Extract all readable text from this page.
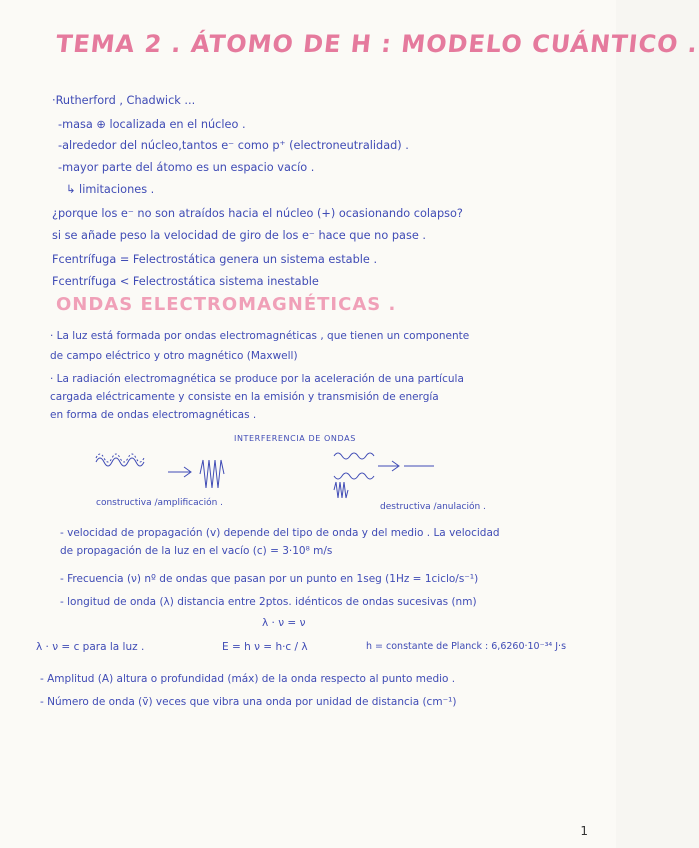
TEMA 2 . ÁTOMO DE H : MODELO CUÁNTICO .
·Rutherford , Chadwick ...
-masa ⊕ localizada en el núcleo .
-alrededor del núcleo,tantos e⁻ como p⁺ (electroneutralidad) .
-mayor parte del átomo es un espacio vacío .
↳ limitaciones .
¿porque los e⁻ no son atraídos hacia el núcleo (+) ocasionando colapso?
si se añade peso la velocidad de giro de los e⁻ hace que no pase .
Fcentrífuga = Felectrostática genera un sistema estable .
Fcentrífuga < Felectrostática sistema inestable
ONDAS ELECTROMAGNÉTICAS .
· La luz está formada por ondas electromagnéticas , que tienen un componente
de campo eléctrico y otro magnético (Maxwell)
· La radiación electromagnética se produce por la aceleración de una partícula
cargada eléctricamente y consiste en la emisión y transmisión de energía
en forma de ondas electromagnéticas .
INTERFERENCIA DE ONDAS
constructiva /amplificación .	destructiva /anulación .
- velocidad de propagación (v) depende del tipo de onda y del medio . La velocidad
de propagación de la luz en el vacío (c) = 3·10⁸ m/s
- Frecuencia (ν) nº de ondas que pasan por un punto en 1seg (1Hz = 1ciclo/s⁻¹)
- longitud de onda (λ) distancia entre 2ptos. idénticos de ondas sucesivas (nm)
λ · ν = ν
λ · ν = c para la luz .	E = h ν = h·c / λ	h = constante de Planck : 6,6260·10⁻³⁴ J·s
- Amplitud (A) altura o profundidad (máx) de la onda respecto al punto medio .
- Número de onda (ṽ) veces que vibra una onda por unidad de distancia (cm⁻¹)
1
